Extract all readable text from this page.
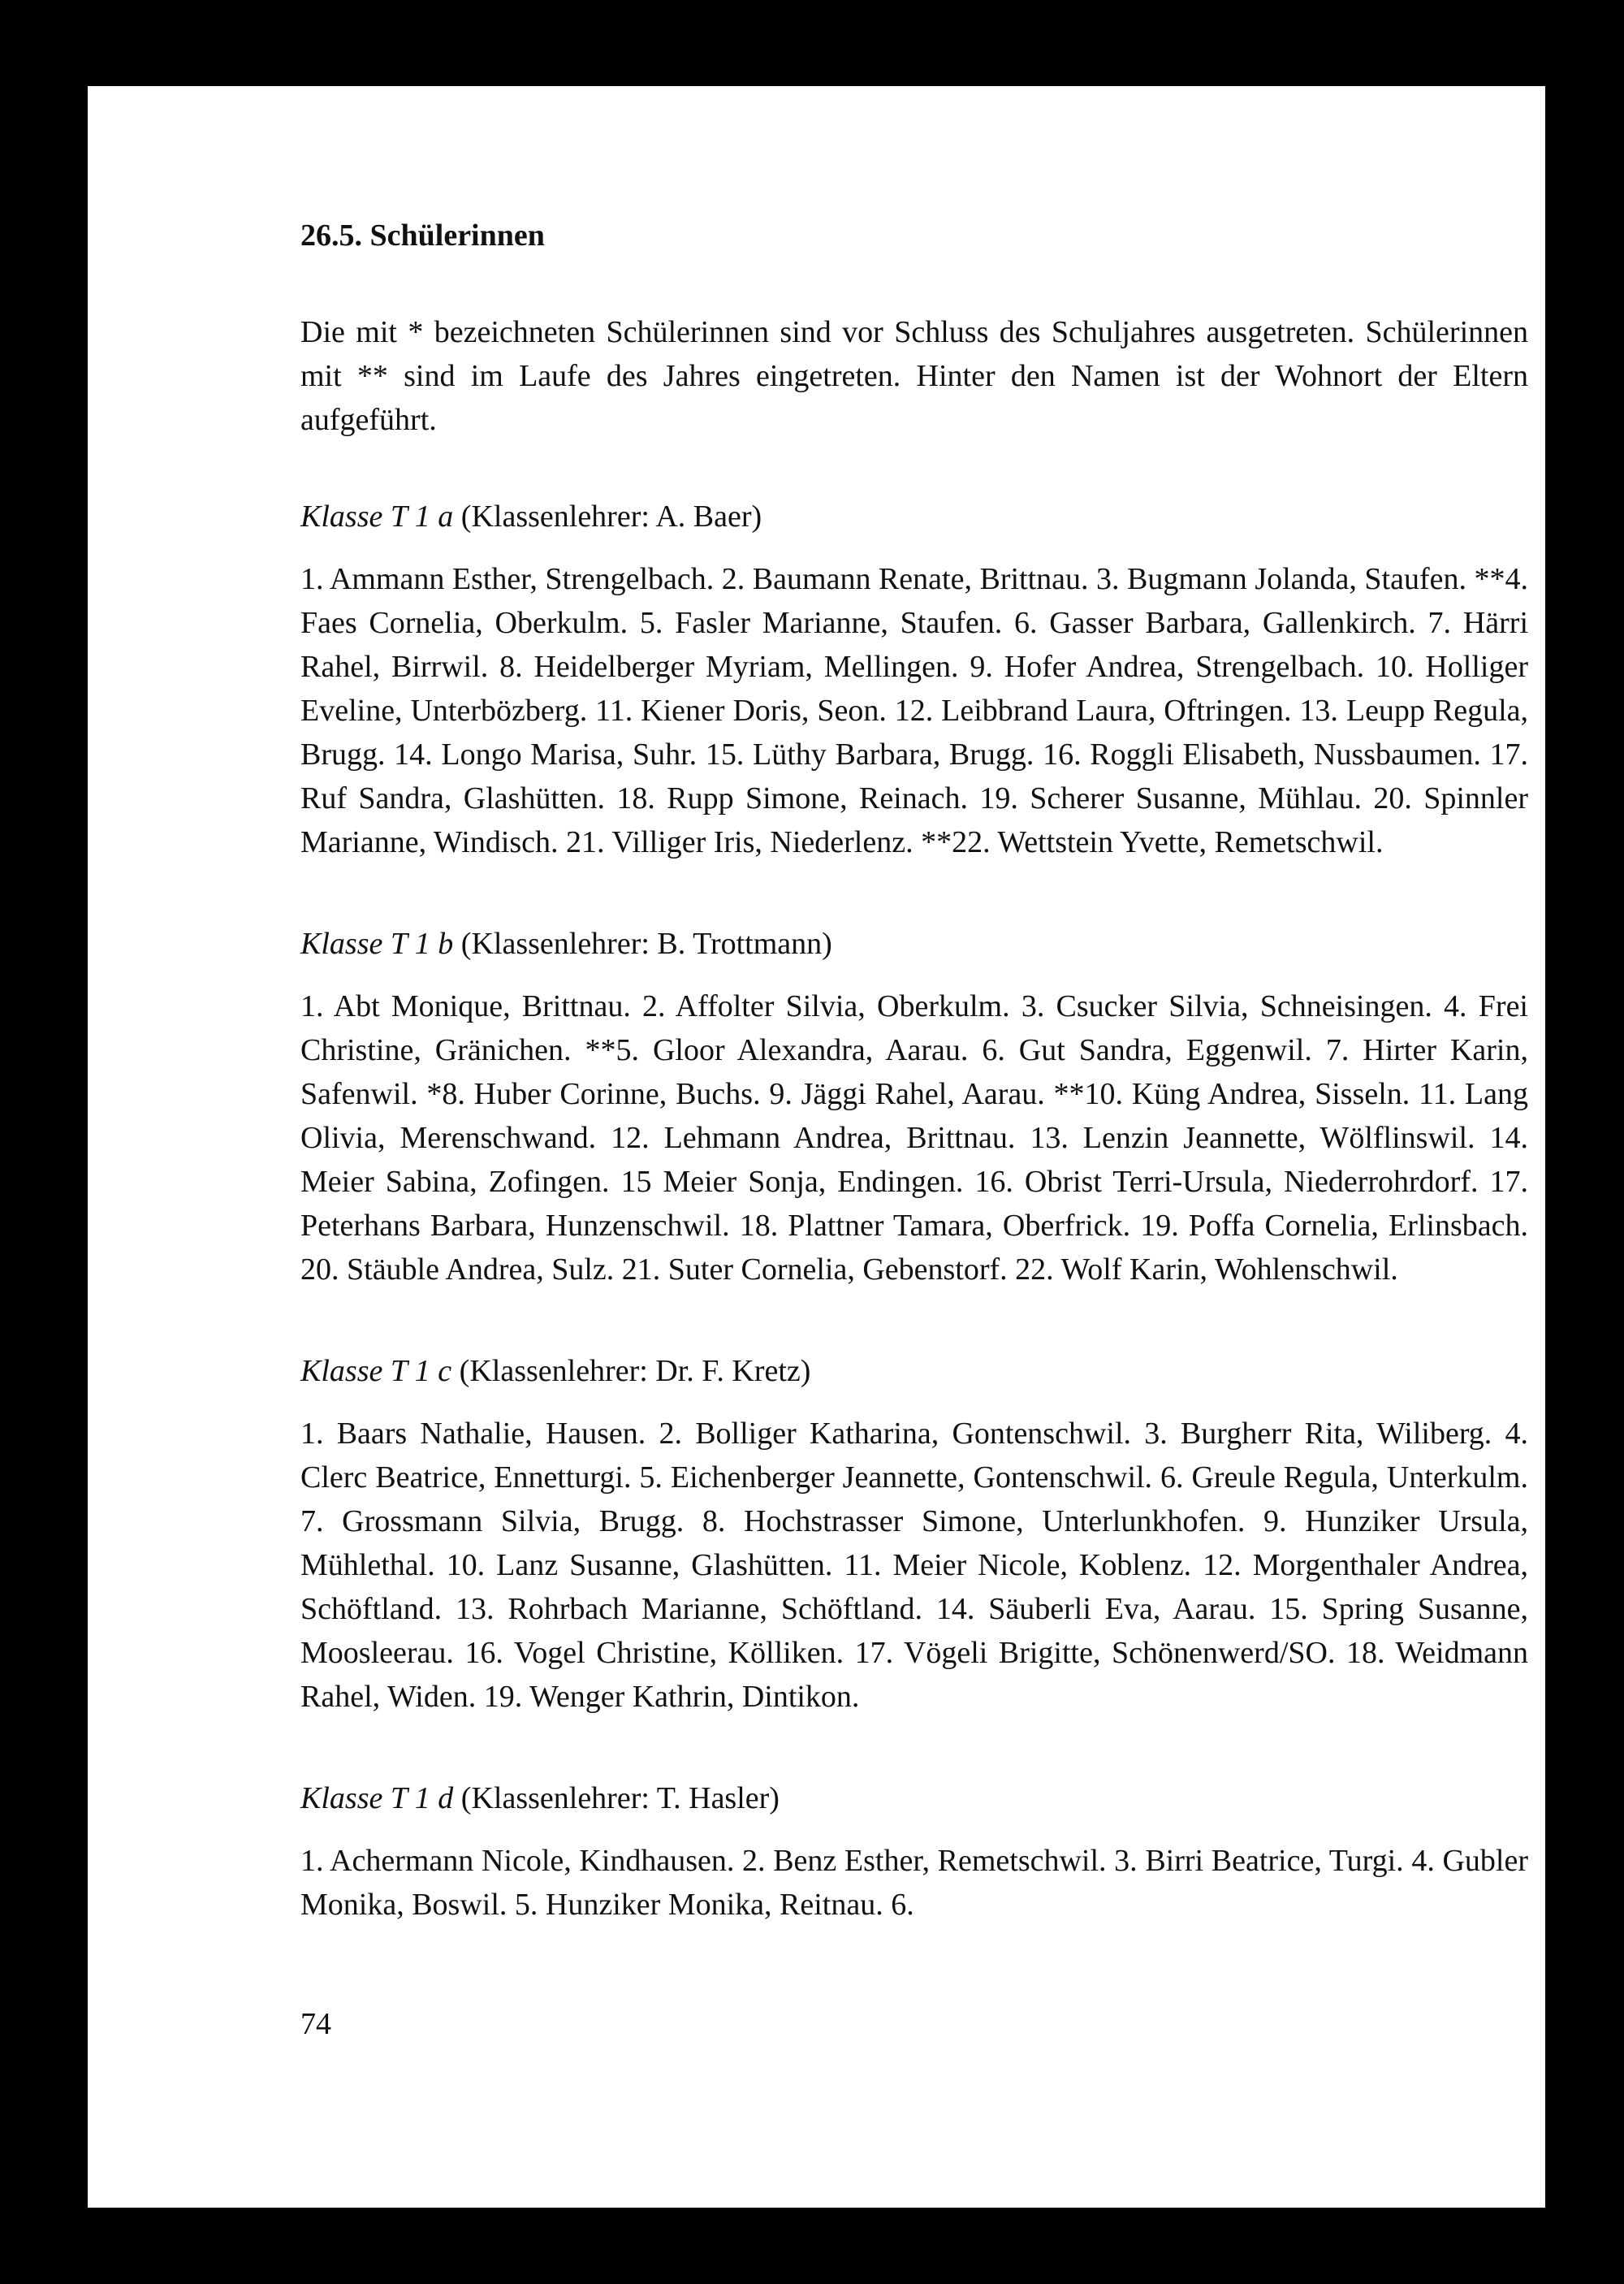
26.5. Schülerinnen

Die mit * bezeichneten Schülerinnen sind vor Schluss des Schuljahres ausgetreten. Schülerinnen mit ** sind im Laufe des Jahres eingetreten. Hinter den Namen ist der Wohnort der Eltern aufgeführt.

Klasse T 1 a (Klassenlehrer: A. Baer)

1. Ammann Esther, Strengelbach. 2. Baumann Renate, Brittnau. 3. Bugmann Jolanda, Staufen. **4. Faes Cornelia, Oberkulm. 5. Fasler Marianne, Staufen. 6. Gasser Barbara, Gallenkirch. 7. Härri Rahel, Birrwil. 8. Heidelberger Myriam, Mellingen. 9. Hofer Andrea, Strengelbach. 10. Holliger Eveline, Unterbözberg. 11. Kiener Doris, Seon. 12. Leibbrand Laura, Oftringen. 13. Leupp Regula, Brugg. 14. Longo Marisa, Suhr. 15. Lüthy Barbara, Brugg. 16. Roggli Elisabeth, Nussbaumen. 17. Ruf Sandra, Glashütten. 18. Rupp Simone, Reinach. 19. Scherer Susanne, Mühlau. 20. Spinnler Marianne, Windisch. 21. Villiger Iris, Niederlenz. **22. Wettstein Yvette, Remetschwil.

Klasse T 1 b (Klassenlehrer: B. Trottmann)

1. Abt Monique, Brittnau. 2. Affolter Silvia, Oberkulm. 3. Csucker Silvia, Schneisingen. 4. Frei Christine, Gränichen. **5. Gloor Alexandra, Aarau. 6. Gut Sandra, Eggenwil. 7. Hirter Karin, Safenwil. *8. Huber Corinne, Buchs. 9. Jäggi Rahel, Aarau. **10. Küng Andrea, Sisseln. 11. Lang Olivia, Merenschwand. 12. Lehmann Andrea, Brittnau. 13. Lenzin Jeannette, Wölflinswil. 14. Meier Sabina, Zofingen. 15 Meier Sonja, Endingen. 16. Obrist Terri-Ursula, Niederrohrdorf. 17. Peterhans Barbara, Hunzenschwil. 18. Plattner Tamara, Oberfrick. 19. Poffa Cornelia, Erlinsbach. 20. Stäuble Andrea, Sulz. 21. Suter Cornelia, Gebenstorf. 22. Wolf Karin, Wohlenschwil.

Klasse T 1 c (Klassenlehrer: Dr. F. Kretz)

1. Baars Nathalie, Hausen. 2. Bolliger Katharina, Gontenschwil. 3. Burgherr Rita, Wiliberg. 4. Clerc Beatrice, Ennetturgi. 5. Eichenberger Jeannette, Gontenschwil. 6. Greule Regula, Unterkulm. 7. Grossmann Silvia, Brugg. 8. Hochstrasser Simone, Unterlunkhofen. 9. Hunziker Ursula, Mühlethal. 10. Lanz Susanne, Glashütten. 11. Meier Nicole, Koblenz. 12. Morgenthaler Andrea, Schöftland. 13. Rohrbach Marianne, Schöftland. 14. Säuberli Eva, Aarau. 15. Spring Susanne, Moosleerau. 16. Vogel Christine, Kölliken. 17. Vögeli Brigitte, Schönenwerd/SO. 18. Weidmann Rahel, Widen. 19. Wenger Kathrin, Dintikon.

Klasse T 1 d (Klassenlehrer: T. Hasler)

1. Achermann Nicole, Kindhausen. 2. Benz Esther, Remetschwil. 3. Birri Beatrice, Turgi. 4. Gubler Monika, Boswil. 5. Hunziker Monika, Reitnau. 6.

74
